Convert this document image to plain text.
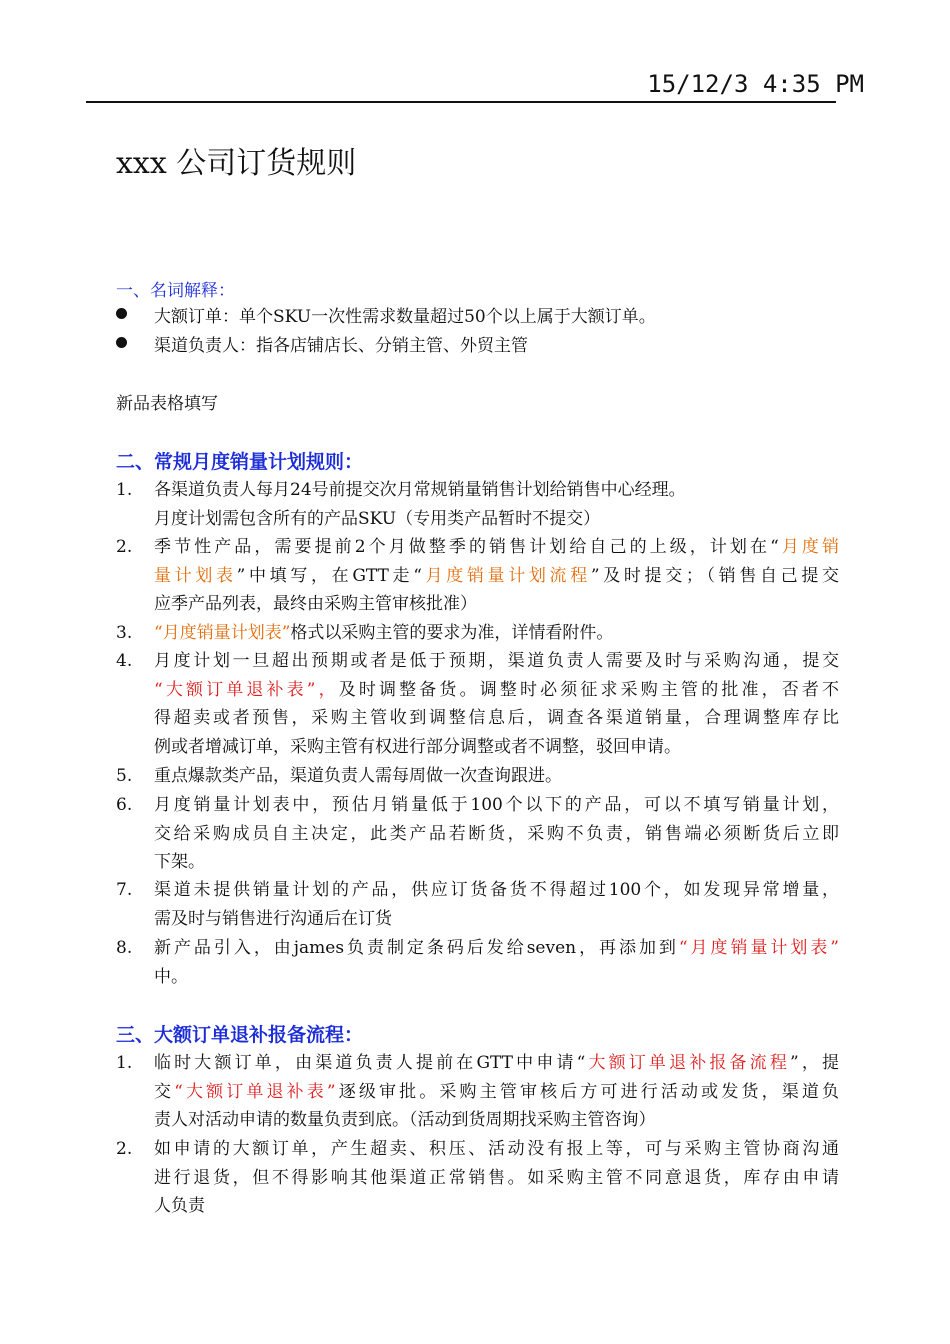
15/12/3 4:35 PM
xxx 公司订货规则
一、名词解释：
大额订单：单个SKU一次性需求数量超过50个以上属于大额订单。
渠道负责人：指各店铺店长、分销主管、外贸主管
新品表格填写
二、常规月度销量计划规则：
1.	各渠道负责人每月24号前提交次月常规销量销售计划给销售中心经理。
月度计划需包含所有的产品SKU（专用类产品暂时不提交）
2.	季节性产品，需要提前2个月做整季的销售计划给自己的上级，计划在“月度销
量计划表”中填写，在GTT走“月度销量计划流程”及时提交；（销售自己提交
应季产品列表，最终由采购主管审核批准）
3.	“月度销量计划表”格式以采购主管的要求为准，详情看附件。
4.	月度计划一旦超出预期或者是低于预期，渠道负责人需要及时与采购沟通，提交
“大额订单退补表”，及时调整备货。调整时必须征求采购主管的批准，否者不
得超卖或者预售，采购主管收到调整信息后，调查各渠道销量，合理调整库存比
例或者增减订单，采购主管有权进行部分调整或者不调整，驳回申请。
5.	重点爆款类产品，渠道负责人需每周做一次查询跟进。
6.	月度销量计划表中，预估月销量低于100个以下的产品，可以不填写销量计划，
交给采购成员自主决定，此类产品若断货，采购不负责，销售端必须断货后立即
下架。
7.	渠道未提供销量计划的产品，供应订货备货不得超过100个，如发现异常增量，
需及时与销售进行沟通后在订货
8.	新产品引入，由james负责制定条码后发给seven，再添加到“月度销量计划表”
中。
三、大额订单退补报备流程：
1.	临时大额订单，由渠道负责人提前在GTT中申请“大额订单退补报备流程”，提
交“大额订单退补表”逐级审批。采购主管审核后方可进行活动或发货，渠道负
责人对活动申请的数量负责到底。（活动到货周期找采购主管咨询）
2.	如申请的大额订单，产生超卖、积压、活动没有报上等，可与采购主管协商沟通
进行退货，但不得影响其他渠道正常销售。如采购主管不同意退货，库存由申请
人负责
